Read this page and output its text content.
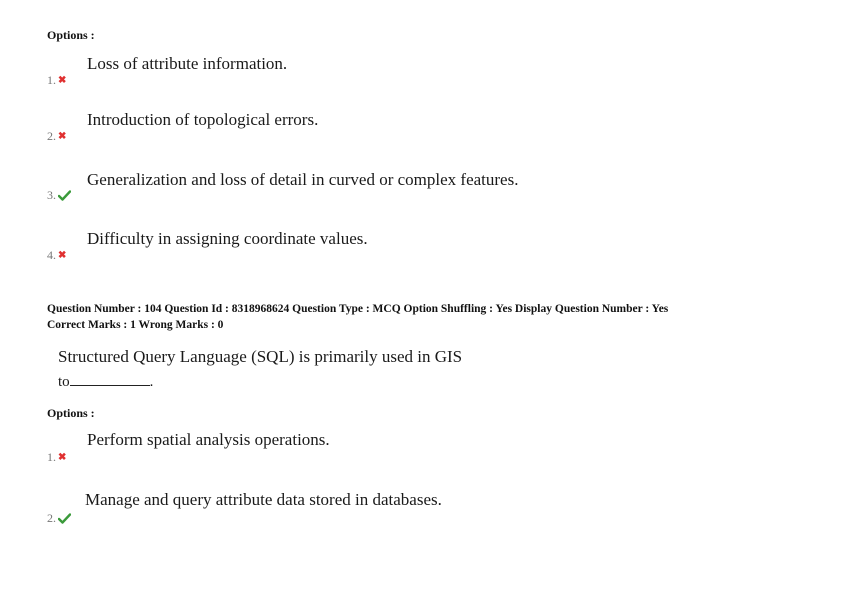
Options :
Loss of attribute information.
1. ✖
Introduction of topological errors.
2. ✖
Generalization and loss of detail in curved or complex features.
3.
Difficulty in assigning coordinate values.
4. ✖
Question Number : 104 Question Id : 8318968624 Question Type : MCQ Option Shuffling : Yes Display Question Number : Yes
Correct Marks : 1 Wrong Marks : 0
Structured Query Language (SQL) is primarily used in GIS
to	.
Options :
Perform spatial analysis operations.
1. ✖
Manage and query attribute data stored in databases.
2.
